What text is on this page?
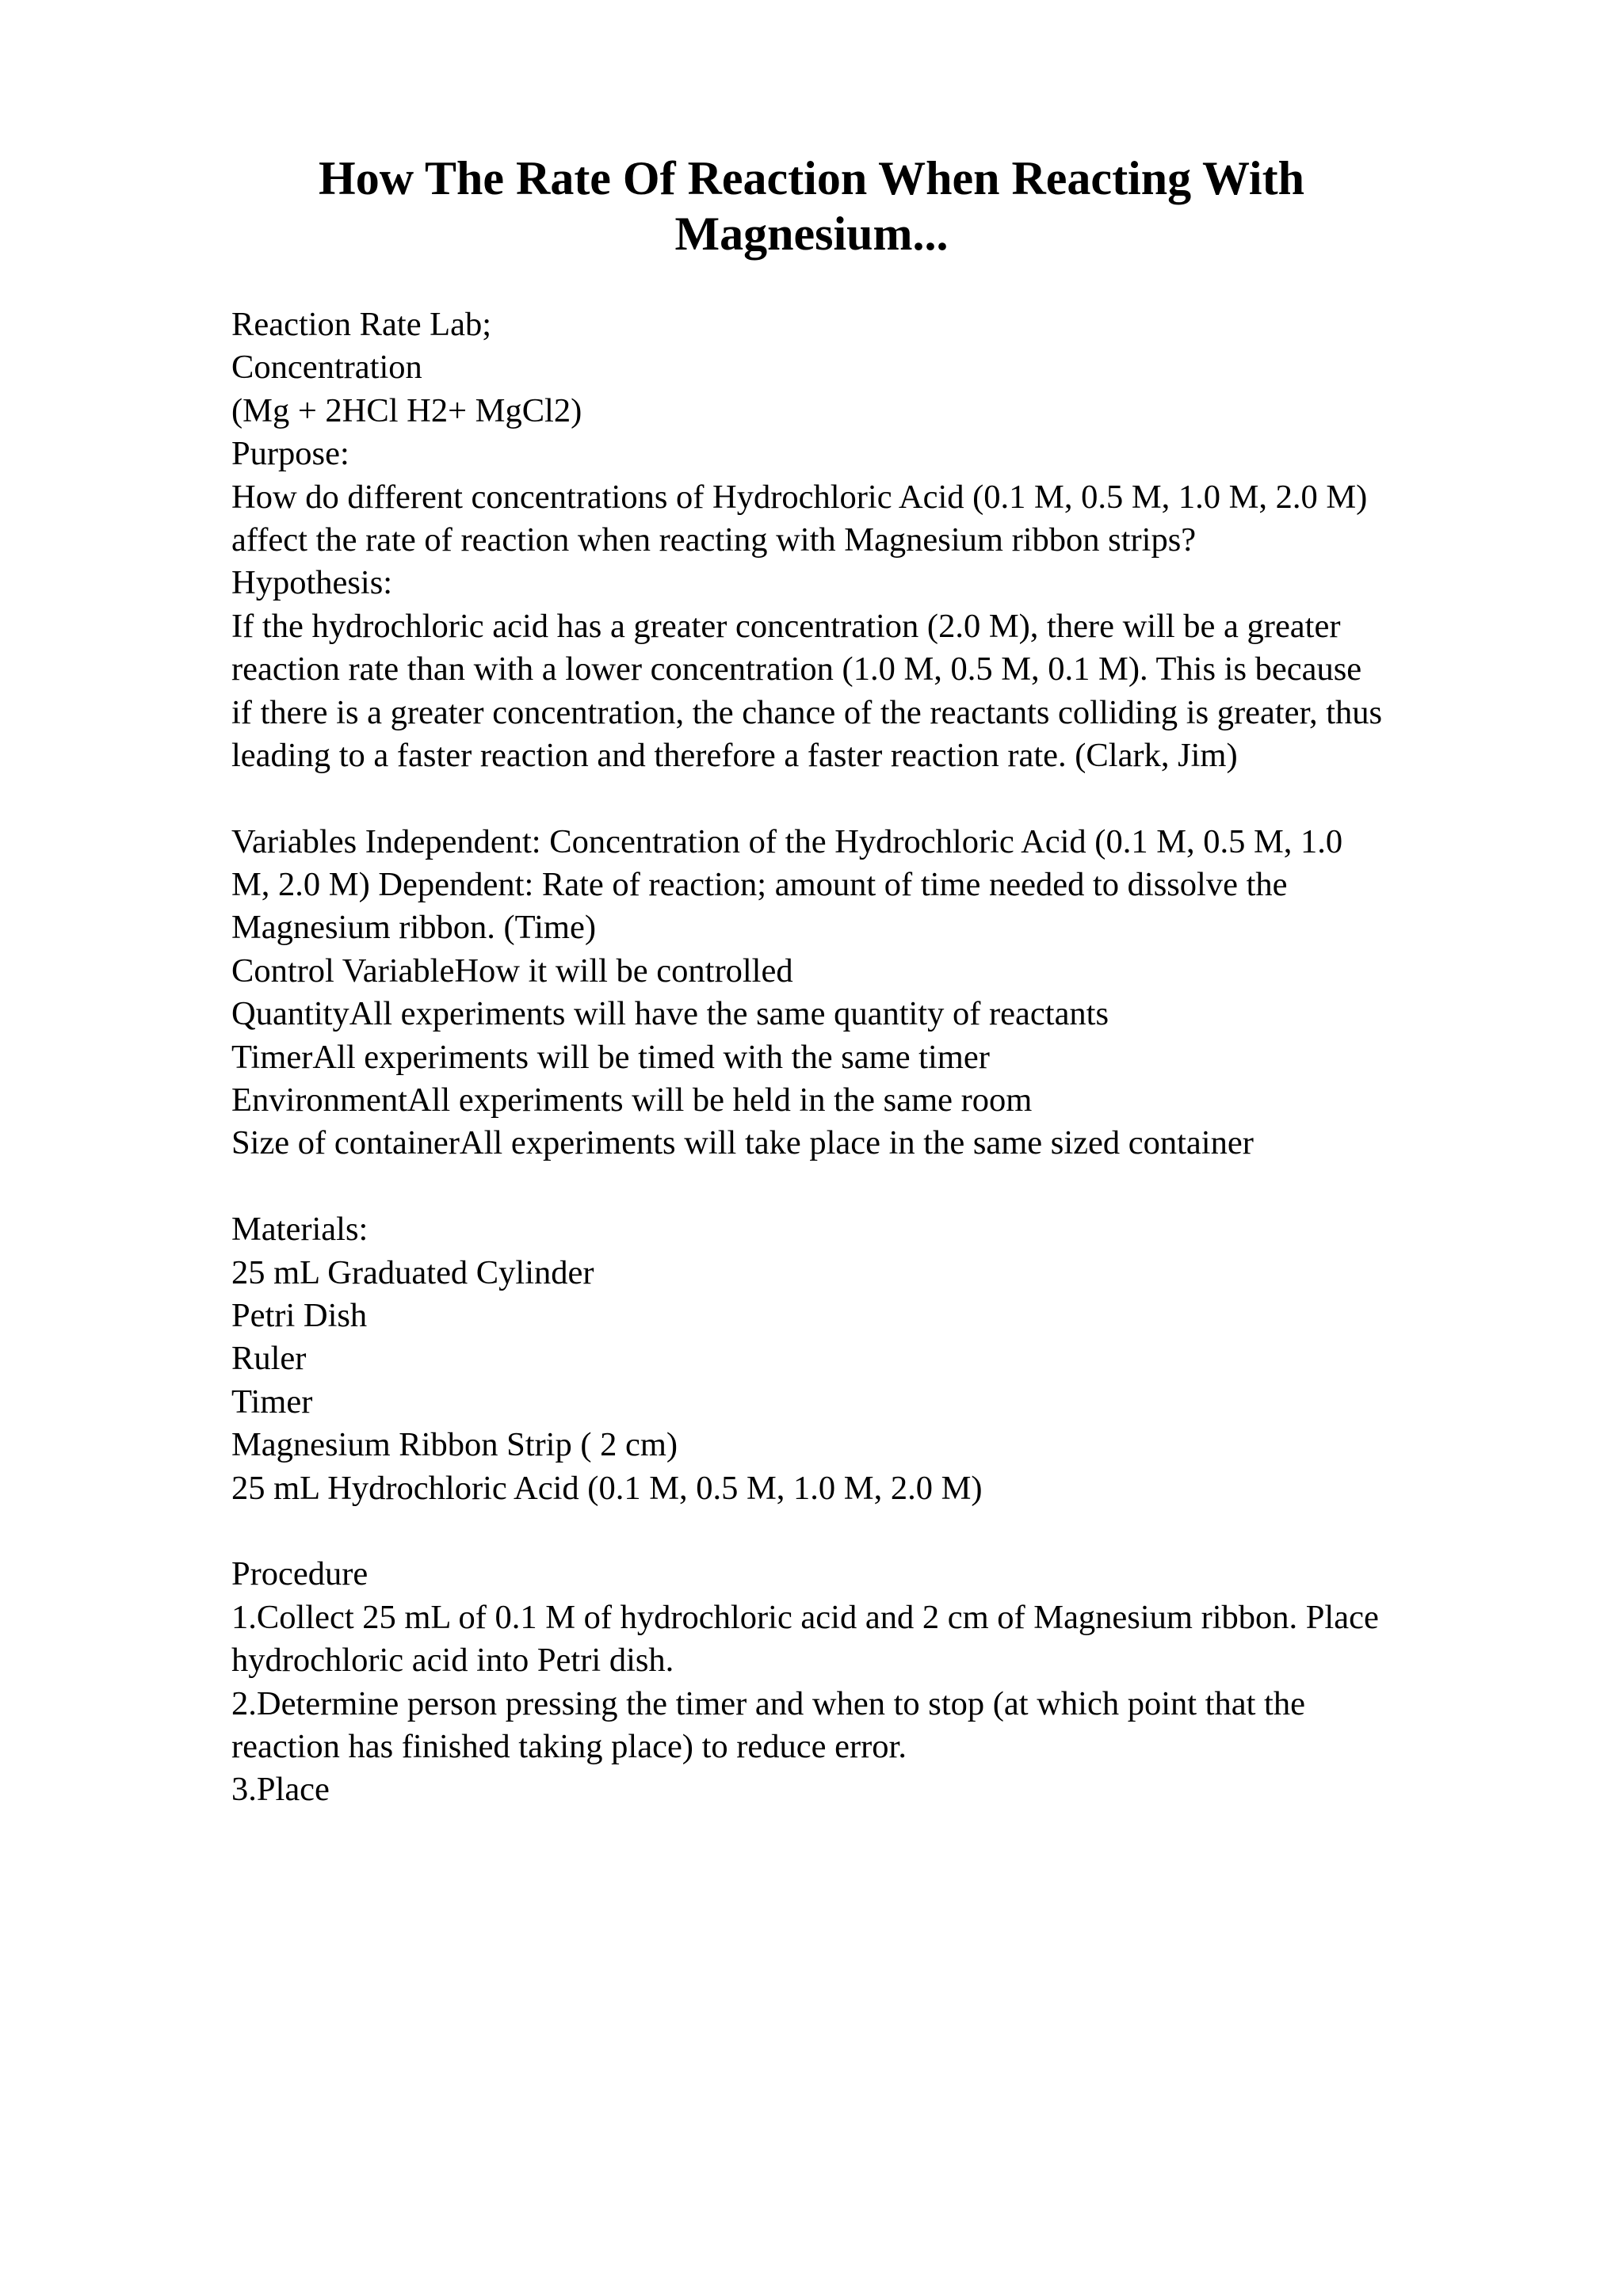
How The Rate Of Reaction When Reacting With
Magnesium...
Reaction Rate Lab;
Concentration
(Mg + 2HCl H2+ MgCl2)
Purpose:
How do different concentrations of Hydrochloric Acid (0.1 M, 0.5 M, 1.0 M, 2.0 M)
affect the rate of reaction when reacting with Magnesium ribbon strips?
Hypothesis:
If the hydrochloric acid has a greater concentration (2.0 M), there will be a greater
reaction rate than with a lower concentration (1.0 M, 0.5 M, 0.1 M). This is because
if there is a greater concentration, the chance of the reactants colliding is greater, thus
leading to a faster reaction and therefore a faster reaction rate. (Clark, Jim)
Variables Independent: Concentration of the Hydrochloric Acid (0.1 M, 0.5 M, 1.0
M, 2.0 M) Dependent: Rate of reaction; amount of time needed to dissolve the
Magnesium ribbon. (Time)
Control VariableHow it will be controlled
QuantityAll experiments will have the same quantity of reactants
TimerAll experiments will be timed with the same timer
EnvironmentAll experiments will be held in the same room
Size of containerAll experiments will take place in the same sized container
Materials:
25 mL Graduated Cylinder
Petri Dish
Ruler
Timer
Magnesium Ribbon Strip ( 2 cm)
25 mL Hydrochloric Acid (0.1 M, 0.5 M, 1.0 M, 2.0 M)
Procedure
1.Collect 25 mL of 0.1 M of hydrochloric acid and 2 cm of Magnesium ribbon. Place
hydrochloric acid into Petri dish.
2.Determine person pressing the timer and when to stop (at which point that the
reaction has finished taking place) to reduce error.
3.Place
